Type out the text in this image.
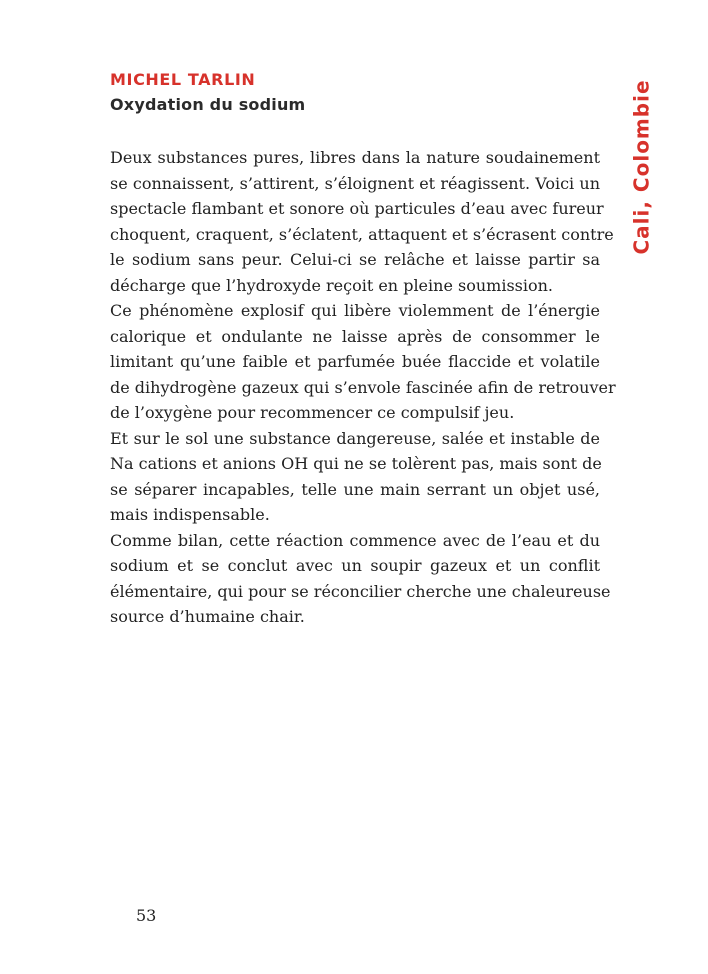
MICHEL TARLIN
Oxydation du sodium	Cali, Colombie
Deux substances pures, libres dans la nature soudainement
se connaissent, s’attirent, s’éloignent et réagissent. Voici un
spectacle flambant et sonore où particules d’eau avec fureur
choquent, craquent, s’éclatent, attaquent et s’écrasent contre
le sodium sans peur. Celui-ci se relâche et laisse partir sa
décharge que l’hydroxyde reçoit en pleine soumission.
Ce phénomène explosif qui libère violemment de l’énergie
calorique et ondulante ne laisse après de consommer le
limitant qu’une faible et parfumée buée flaccide et volatile
de dihydrogène gazeux qui s’envole fascinée afin de retrouver
de l’oxygène pour recommencer ce compulsif jeu.
Et sur le sol une substance dangereuse, salée et instable de
Na cations et anions OH qui ne se tolèrent pas, mais sont de
se séparer incapables, telle une main serrant un objet usé,
mais indispensable.
Comme bilan, cette réaction commence avec de l’eau et du
sodium et se conclut avec un soupir gazeux et un conflit
élémentaire, qui pour se réconcilier cherche une chaleureuse
source d’humaine chair.
53
